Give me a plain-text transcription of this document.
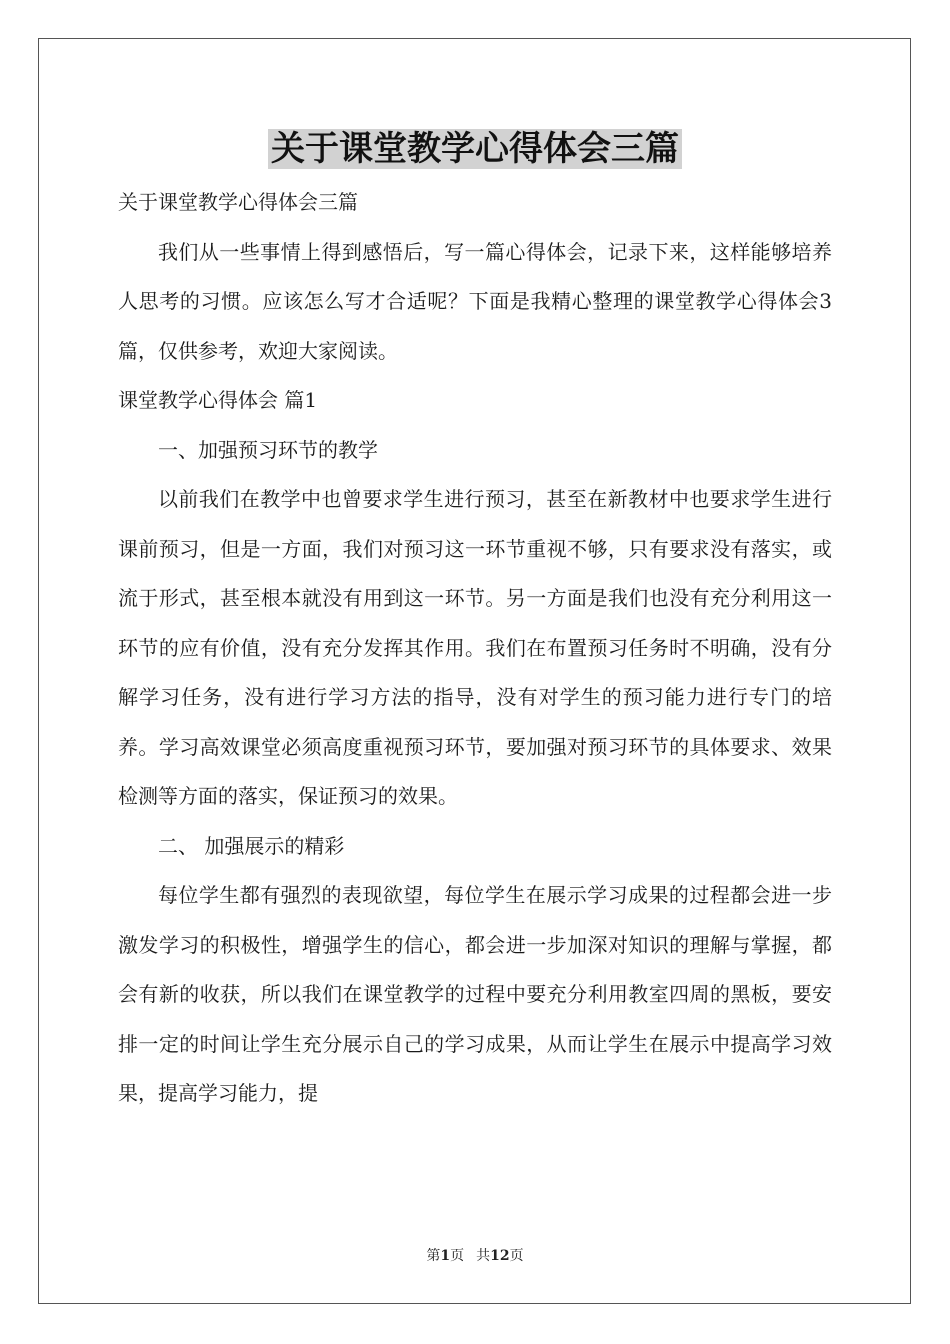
关于课堂教学心得体会三篇

关于课堂教学心得体会三篇

我们从一些事情上得到感悟后，写一篇心得体会，记录下来，这样能够培养人思考的习惯。应该怎么写才合适呢？下面是我精心整理的课堂教学心得体会3篇，仅供参考，欢迎大家阅读。

课堂教学心得体会 篇1

一、加强预习环节的教学

以前我们在教学中也曾要求学生进行预习，甚至在新教材中也要求学生进行课前预习，但是一方面，我们对预习这一环节重视不够，只有要求没有落实，或流于形式，甚至根本就没有用到这一环节。另一方面是我们也没有充分利用这一环节的应有价值，没有充分发挥其作用。我们在布置预习任务时不明确，没有分解学习任务，没有进行学习方法的指导，没有对学生的预习能力进行专门的培养。学习高效课堂必须高度重视预习环节，要加强对预习环节的具体要求、效果检测等方面的落实，保证预习的效果。

二、 加强展示的精彩

每位学生都有强烈的表现欲望，每位学生在展示学习成果的过程都会进一步激发学习的积极性，增强学生的信心，都会进一步加深对知识的理解与掌握，都会有新的收获，所以我们在课堂教学的过程中要充分利用教室四周的黑板，要安排一定的时间让学生充分展示自己的学习成果，从而让学生在展示中提高学习效果，提高学习能力，提

第1页 共12页
